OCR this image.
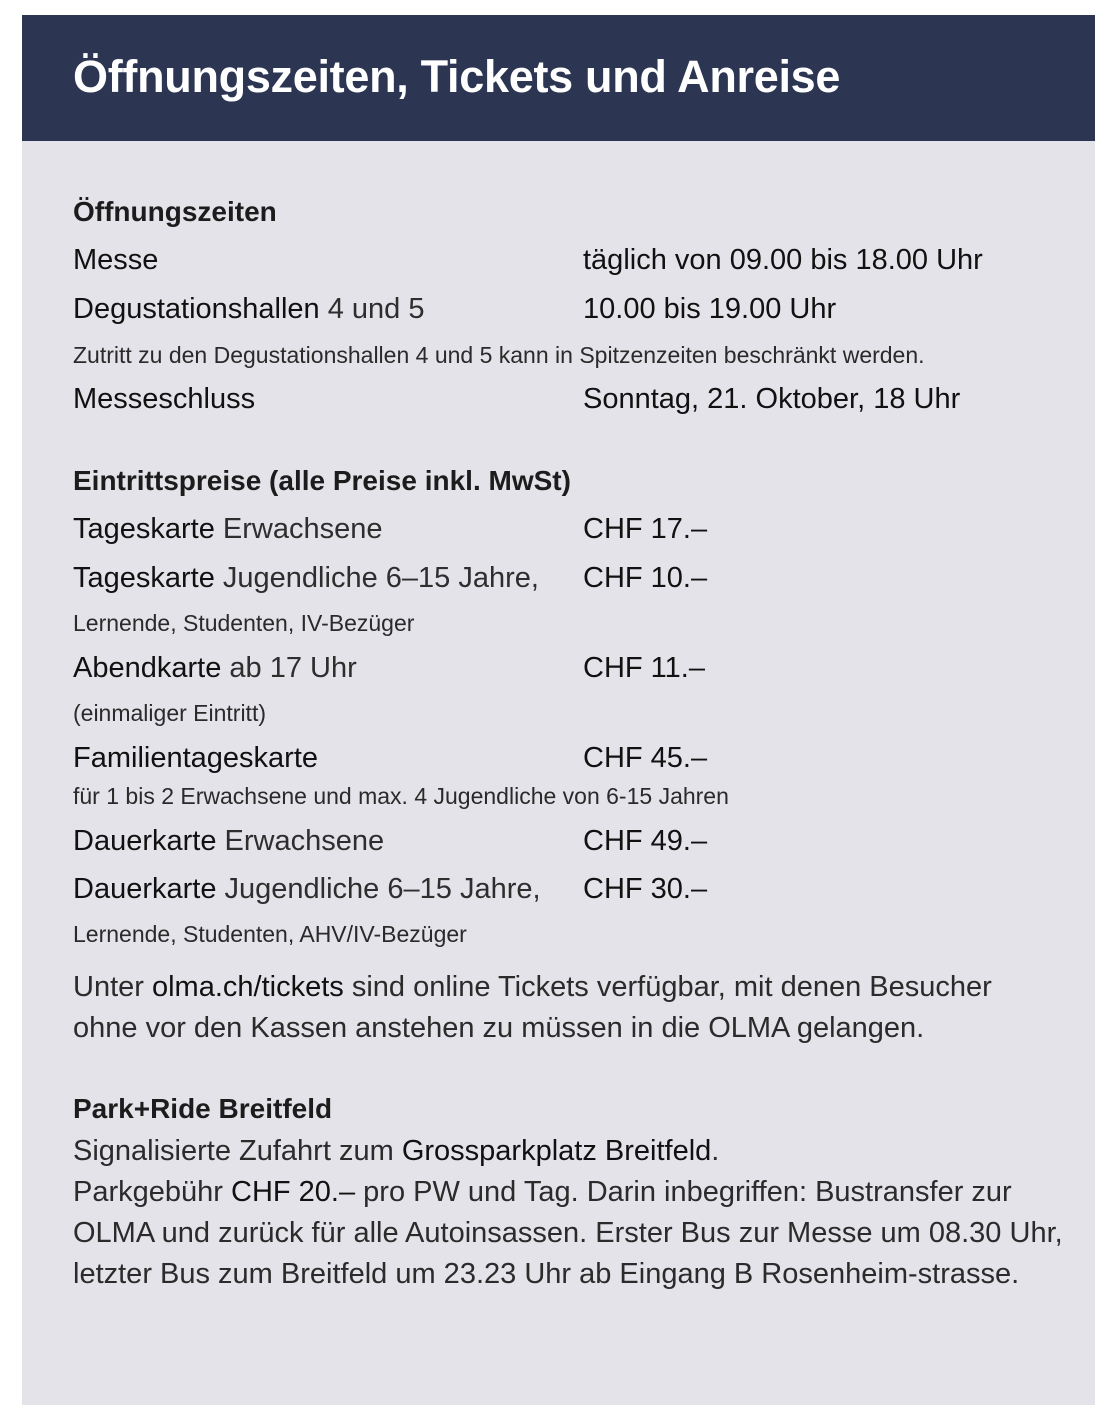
Öffnungszeiten, Tickets und Anreise
Öffnungszeiten
Messe	täglich von 09.00 bis 18.00 Uhr
Degustationshallen 4 und 5	10.00 bis 19.00 Uhr
Zutritt zu den Degustationshallen 4 und 5 kann in Spitzenzeiten beschränkt werden.
Messeschluss	Sonntag, 21. Oktober, 18 Uhr
Eintrittspreise (alle Preise inkl. MwSt)
Tageskarte Erwachsene	CHF 17.–
Tageskarte Jugendliche 6–15 Jahre, CHF 10.–
Lernende, Studenten, IV-Bezüger
Abendkarte ab 17 Uhr	CHF 11.–
(einmaliger Eintritt)
Familientageskarte	CHF 45.–
für 1 bis 2 Erwachsene und max. 4 Jugendliche von 6-15 Jahren
Dauerkarte Erwachsene	CHF 49.–
Dauerkarte Jugendliche 6–15 Jahre, CHF 30.–
Lernende, Studenten, AHV/IV-Bezüger
Unter olma.ch/tickets sind online Tickets verfügbar, mit denen Besucher ohne vor den Kassen anstehen zu müssen in die OLMA gelangen.
Park+Ride Breitfeld
Signalisierte Zufahrt zum Grossparkplatz Breitfeld.
Parkgebühr CHF 20.– pro PW und Tag. Darin inbegriffen: Bustransfer zur OLMA und zurück für alle Autoinsassen. Erster Bus zur Messe um 08.30 Uhr, letzter Bus zum Breitfeld um 23.23 Uhr ab Eingang B Rosenheim-strasse.
